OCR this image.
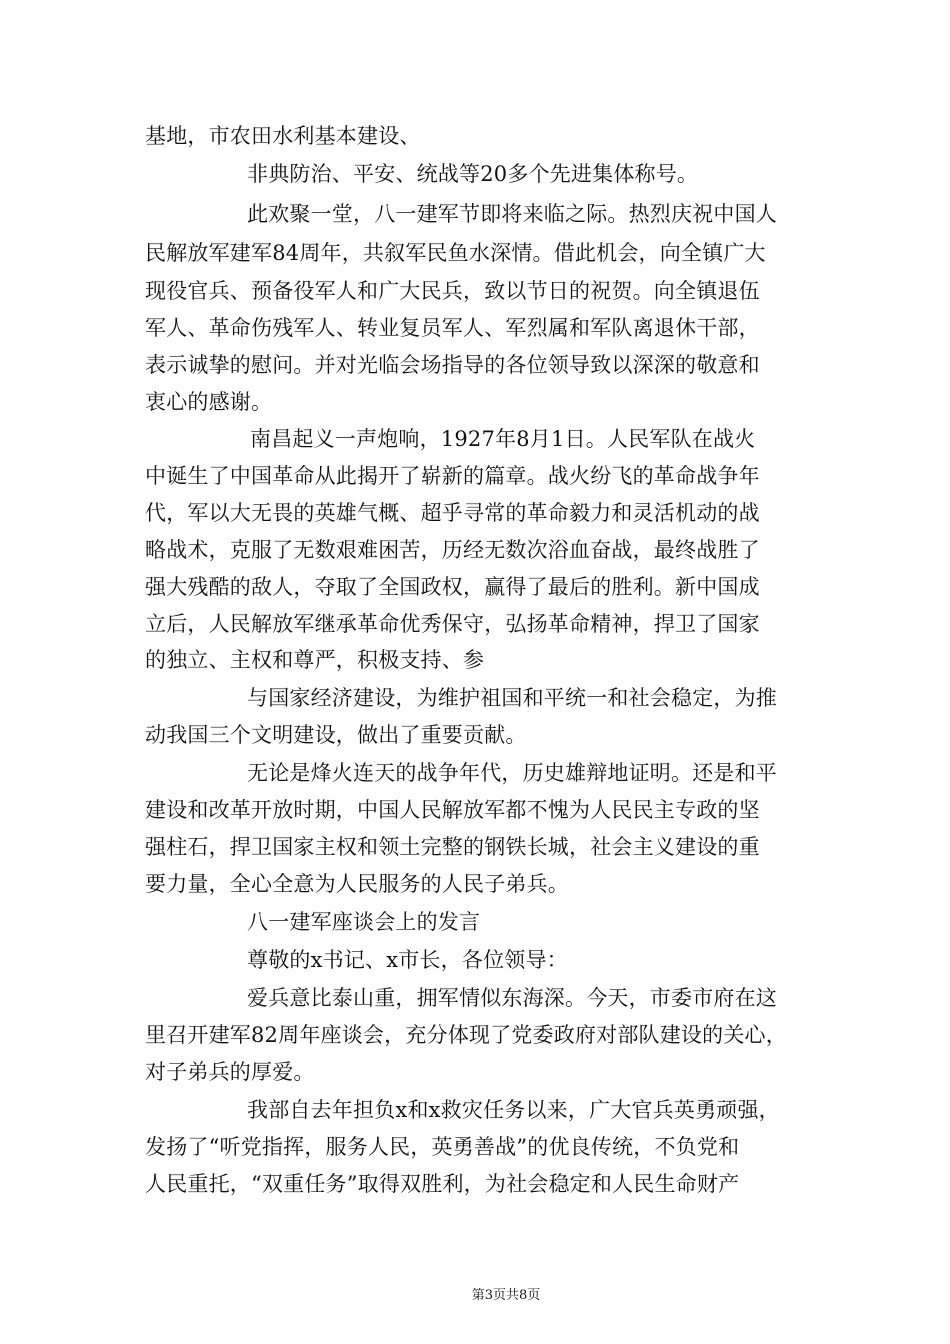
基地，市农田水利基本建设、
非典防治、平安、统战等20多个先进集体称号。
此欢聚一堂，八一建军节即将来临之际。热烈庆祝中国人
民解放军建军84周年，共叙军民鱼水深情。借此机会，向全镇广大
现役官兵、预备役军人和广大民兵，致以节日的祝贺。向全镇退伍
军人、革命伤残军人、转业复员军人、军烈属和军队离退休干部，
表示诚挚的慰问。并对光临会场指导的各位领导致以深深的敬意和
衷心的感谢。
南昌起义一声炮响，1927年8月1日。人民军队在战火
中诞生了中国革命从此揭开了崭新的篇章。战火纷飞的革命战争年
代，军以大无畏的英雄气概、超乎寻常的革命毅力和灵活机动的战
略战术，克服了无数艰难困苦，历经无数次浴血奋战，最终战胜了
强大残酷的敌人，夺取了全国政权，赢得了最后的胜利。新中国成
立后，人民解放军继承革命优秀保守，弘扬革命精神，捍卫了国家
的独立、主权和尊严，积极支持、参
与国家经济建设，为维护祖国和平统一和社会稳定，为推
动我国三个文明建设，做出了重要贡献。
无论是烽火连天的战争年代，历史雄辩地证明。还是和平
建设和改革开放时期，中国人民解放军都不愧为人民民主专政的坚
强柱石，捍卫国家主权和领土完整的钢铁长城，社会主义建设的重
要力量，全心全意为人民服务的人民子弟兵。
八一建军座谈会上的发言
尊敬的x书记、x市长，各位领导：
爱兵意比泰山重，拥军情似东海深。今天，市委市府在这
里召开建军82周年座谈会，充分体现了党委政府对部队建设的关心，
对子弟兵的厚爱。
我部自去年担负x和x救灾任务以来，广大官兵英勇顽强，
发扬了“听党指挥，服务人民，英勇善战”的优良传统，不负党和
人民重托，“双重任务”取得双胜利，为社会稳定和人民生命财产
第3页共8页
